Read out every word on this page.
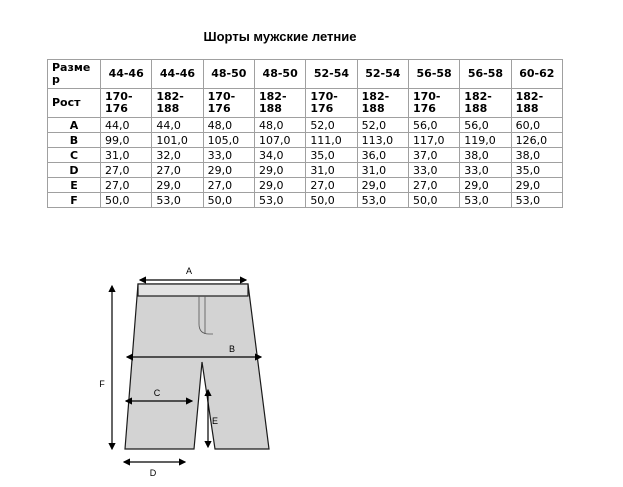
Шорты мужские летние
Разме р	44-46	44-46	48-50	48-50	52-54	52-54	56-58	56-58	60-62
Рост	170-176	182-188	170-176	182-188	170-176	182-188	170-176	182-188	182-188
A	44,0	44,0	48,0	48,0	52,0	52,0	56,0	56,0	60,0
B	99,0	101,0	105,0	107,0	111,0	113,0	117,0	119,0	126,0
C	31,0	32,0	33,0	34,0	35,0	36,0	37,0	38,0	38,0
D	27,0	27,0	29,0	29,0	31,0	31,0	33,0	33,0	35,0
E	27,0	29,0	27,0	29,0	27,0	29,0	27,0	29,0	29,0
F	50,0	53,0	50,0	53,0	50,0	53,0	50,0	53,0	53,0
A
B
C
D
E
F
